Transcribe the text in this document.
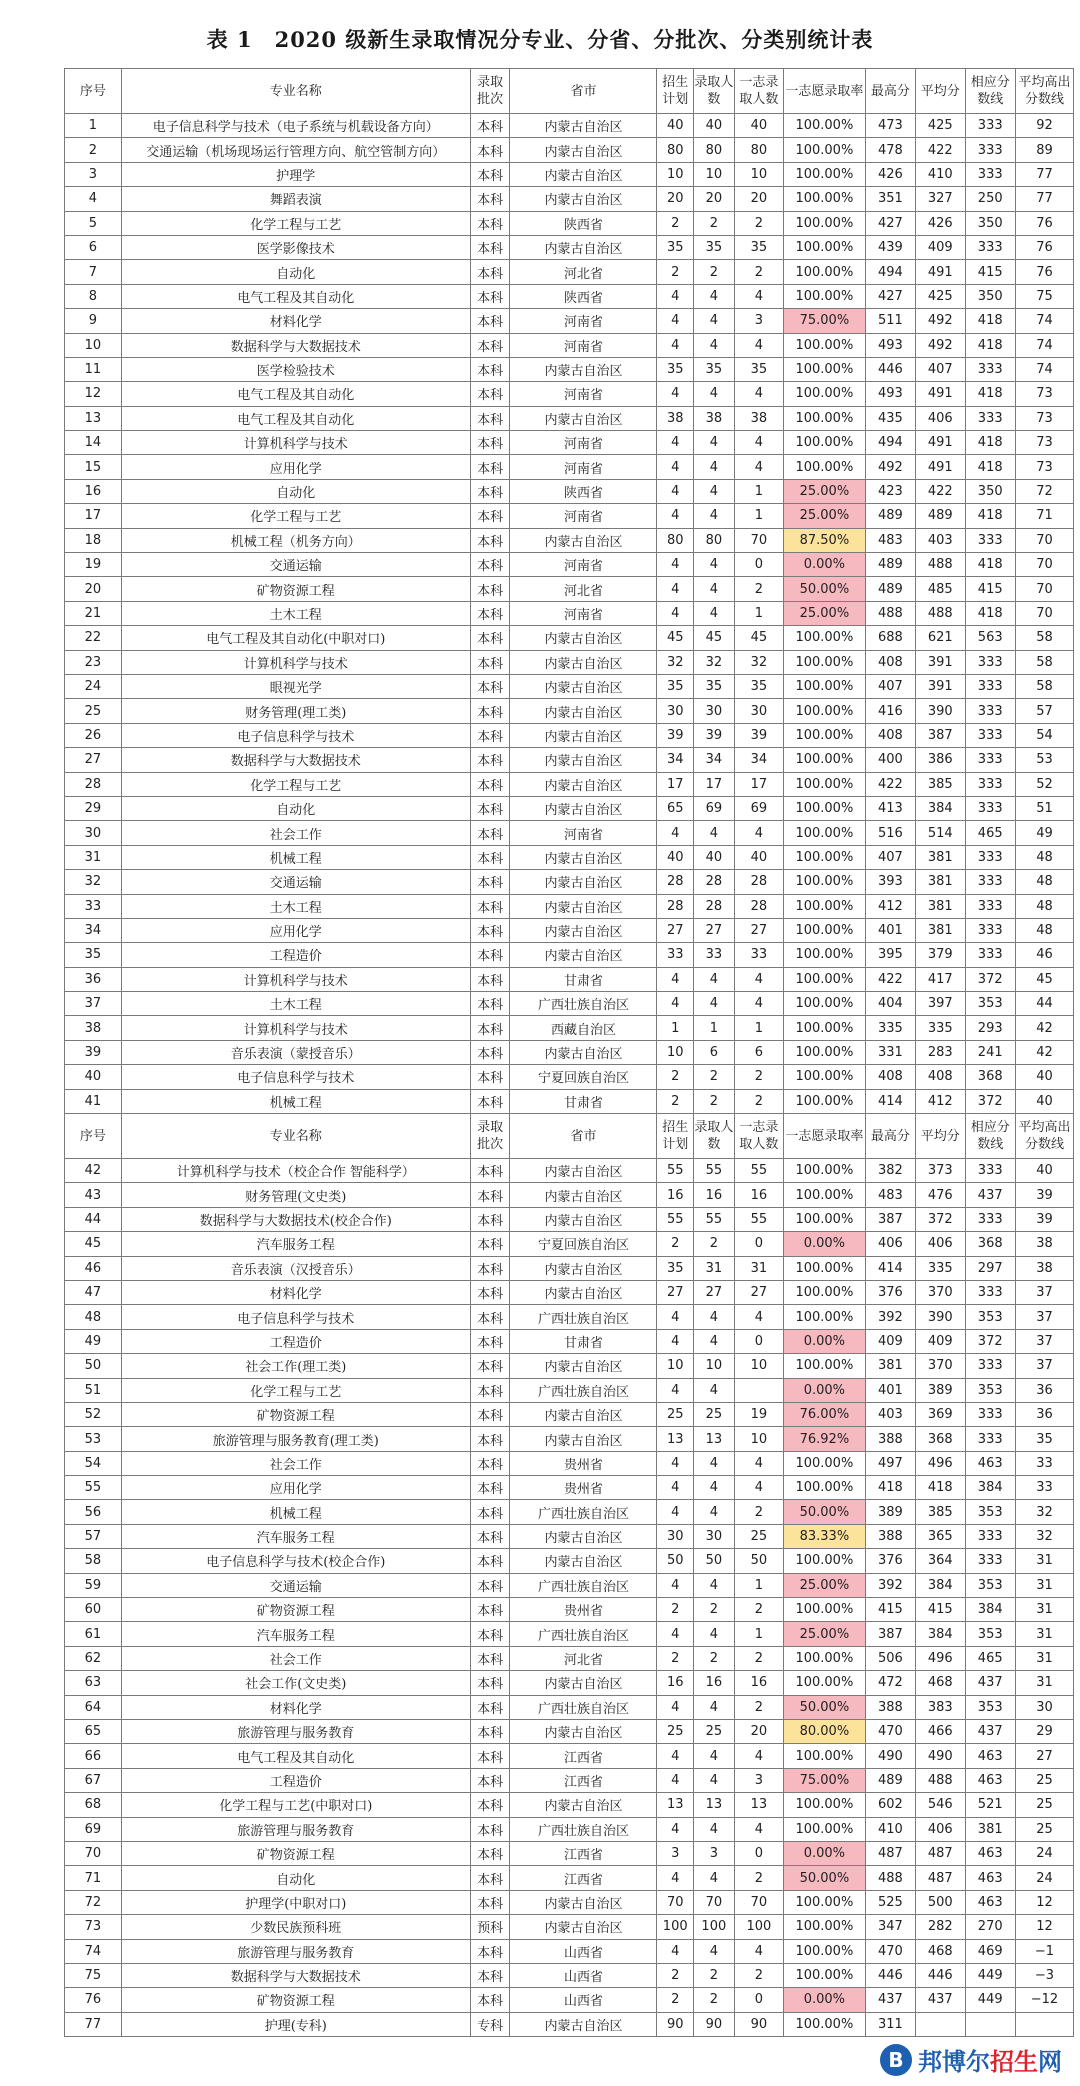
表 1　2020 级新生录取情况分专业、分省、分批次、分类别统计表
序号	专业名称	录取批次	省市	招生计划	录取人数	一志录取人数	一志愿录取率	最高分	平均分	相应分数线	平均高出分数线
1	电子信息科学与技术（电子系统与机载设备方向）	本科	内蒙古自治区	40	40	40	100.00%	473	425	333	92
2	交通运输（机场现场运行管理方向、航空管制方向）	本科	内蒙古自治区	80	80	80	100.00%	478	422	333	89
3	护理学	本科	内蒙古自治区	10	10	10	100.00%	426	410	333	77
4	舞蹈表演	本科	内蒙古自治区	20	20	20	100.00%	351	327	250	77
5	化学工程与工艺	本科	陕西省	2	2	2	100.00%	427	426	350	76
6	医学影像技术	本科	内蒙古自治区	35	35	35	100.00%	439	409	333	76
7	自动化	本科	河北省	2	2	2	100.00%	494	491	415	76
8	电气工程及其自动化	本科	陕西省	4	4	4	100.00%	427	425	350	75
9	材料化学	本科	河南省	4	4	3	75.00%	511	492	418	74
10	数据科学与大数据技术	本科	河南省	4	4	4	100.00%	493	492	418	74
11	医学检验技术	本科	内蒙古自治区	35	35	35	100.00%	446	407	333	74
12	电气工程及其自动化	本科	河南省	4	4	4	100.00%	493	491	418	73
13	电气工程及其自动化	本科	内蒙古自治区	38	38	38	100.00%	435	406	333	73
14	计算机科学与技术	本科	河南省	4	4	4	100.00%	494	491	418	73
15	应用化学	本科	河南省	4	4	4	100.00%	492	491	418	73
16	自动化	本科	陕西省	4	4	1	25.00%	423	422	350	72
17	化学工程与工艺	本科	河南省	4	4	1	25.00%	489	489	418	71
18	机械工程（机务方向）	本科	内蒙古自治区	80	80	70	87.50%	483	403	333	70
19	交通运输	本科	河南省	4	4	0	0.00%	489	488	418	70
20	矿物资源工程	本科	河北省	4	4	2	50.00%	489	485	415	70
21	土木工程	本科	河南省	4	4	1	25.00%	488	488	418	70
22	电气工程及其自动化(中职对口)	本科	内蒙古自治区	45	45	45	100.00%	688	621	563	58
23	计算机科学与技术	本科	内蒙古自治区	32	32	32	100.00%	408	391	333	58
24	眼视光学	本科	内蒙古自治区	35	35	35	100.00%	407	391	333	58
25	财务管理(理工类)	本科	内蒙古自治区	30	30	30	100.00%	416	390	333	57
26	电子信息科学与技术	本科	内蒙古自治区	39	39	39	100.00%	408	387	333	54
27	数据科学与大数据技术	本科	内蒙古自治区	34	34	34	100.00%	400	386	333	53
28	化学工程与工艺	本科	内蒙古自治区	17	17	17	100.00%	422	385	333	52
29	自动化	本科	内蒙古自治区	65	69	69	100.00%	413	384	333	51
30	社会工作	本科	河南省	4	4	4	100.00%	516	514	465	49
31	机械工程	本科	内蒙古自治区	40	40	40	100.00%	407	381	333	48
32	交通运输	本科	内蒙古自治区	28	28	28	100.00%	393	381	333	48
33	土木工程	本科	内蒙古自治区	28	28	28	100.00%	412	381	333	48
34	应用化学	本科	内蒙古自治区	27	27	27	100.00%	401	381	333	48
35	工程造价	本科	内蒙古自治区	33	33	33	100.00%	395	379	333	46
36	计算机科学与技术	本科	甘肃省	4	4	4	100.00%	422	417	372	45
37	土木工程	本科	广西壮族自治区	4	4	4	100.00%	404	397	353	44
38	计算机科学与技术	本科	西藏自治区	1	1	1	100.00%	335	335	293	42
39	音乐表演（蒙授音乐）	本科	内蒙古自治区	10	6	6	100.00%	331	283	241	42
40	电子信息科学与技术	本科	宁夏回族自治区	2	2	2	100.00%	408	408	368	40
41	机械工程	本科	甘肃省	2	2	2	100.00%	414	412	372	40
序号	专业名称	录取批次	省市	招生计划	录取人数	一志录取人数	一志愿录取率	最高分	平均分	相应分数线	平均高出分数线
42	计算机科学与技术（校企合作 智能科学）	本科	内蒙古自治区	55	55	55	100.00%	382	373	333	40
43	财务管理(文史类)	本科	内蒙古自治区	16	16	16	100.00%	483	476	437	39
44	数据科学与大数据技术(校企合作)	本科	内蒙古自治区	55	55	55	100.00%	387	372	333	39
45	汽车服务工程	本科	宁夏回族自治区	2	2	0	0.00%	406	406	368	38
46	音乐表演（汉授音乐）	本科	内蒙古自治区	35	31	31	100.00%	414	335	297	38
47	材料化学	本科	内蒙古自治区	27	27	27	100.00%	376	370	333	37
48	电子信息科学与技术	本科	广西壮族自治区	4	4	4	100.00%	392	390	353	37
49	工程造价	本科	甘肃省	4	4	0	0.00%	409	409	372	37
50	社会工作(理工类)	本科	内蒙古自治区	10	10	10	100.00%	381	370	333	37
51	化学工程与工艺	本科	广西壮族自治区	4	4		0.00%	401	389	353	36
52	矿物资源工程	本科	内蒙古自治区	25	25	19	76.00%	403	369	333	36
53	旅游管理与服务教育(理工类)	本科	内蒙古自治区	13	13	10	76.92%	388	368	333	35
54	社会工作	本科	贵州省	4	4	4	100.00%	497	496	463	33
55	应用化学	本科	贵州省	4	4	4	100.00%	418	418	384	33
56	机械工程	本科	广西壮族自治区	4	4	2	50.00%	389	385	353	32
57	汽车服务工程	本科	内蒙古自治区	30	30	25	83.33%	388	365	333	32
58	电子信息科学与技术(校企合作)	本科	内蒙古自治区	50	50	50	100.00%	376	364	333	31
59	交通运输	本科	广西壮族自治区	4	4	1	25.00%	392	384	353	31
60	矿物资源工程	本科	贵州省	2	2	2	100.00%	415	415	384	31
61	汽车服务工程	本科	广西壮族自治区	4	4	1	25.00%	387	384	353	31
62	社会工作	本科	河北省	2	2	2	100.00%	506	496	465	31
63	社会工作(文史类)	本科	内蒙古自治区	16	16	16	100.00%	472	468	437	31
64	材料化学	本科	广西壮族自治区	4	4	2	50.00%	388	383	353	30
65	旅游管理与服务教育	本科	内蒙古自治区	25	25	20	80.00%	470	466	437	29
66	电气工程及其自动化	本科	江西省	4	4	4	100.00%	490	490	463	27
67	工程造价	本科	江西省	4	4	3	75.00%	489	488	463	25
68	化学工程与工艺(中职对口)	本科	内蒙古自治区	13	13	13	100.00%	602	546	521	25
69	旅游管理与服务教育	本科	广西壮族自治区	4	4	4	100.00%	410	406	381	25
70	矿物资源工程	本科	江西省	3	3	0	0.00%	487	487	463	24
71	自动化	本科	江西省	4	4	2	50.00%	488	487	463	24
72	护理学(中职对口)	本科	内蒙古自治区	70	70	70	100.00%	525	500	463	12
73	少数民族预科班	预科	内蒙古自治区	100	100	100	100.00%	347	282	270	12
74	旅游管理与服务教育	本科	山西省	4	4	4	100.00%	470	468	469	−1
75	数据科学与大数据技术	本科	山西省	2	2	2	100.00%	446	446	449	−3
76	矿物资源工程	本科	山西省	2	2	0	0.00%	437	437	449	−12
77	护理(专科)	专科	内蒙古自治区	90	90	90	100.00%	311			
B 邦博尔招生网
